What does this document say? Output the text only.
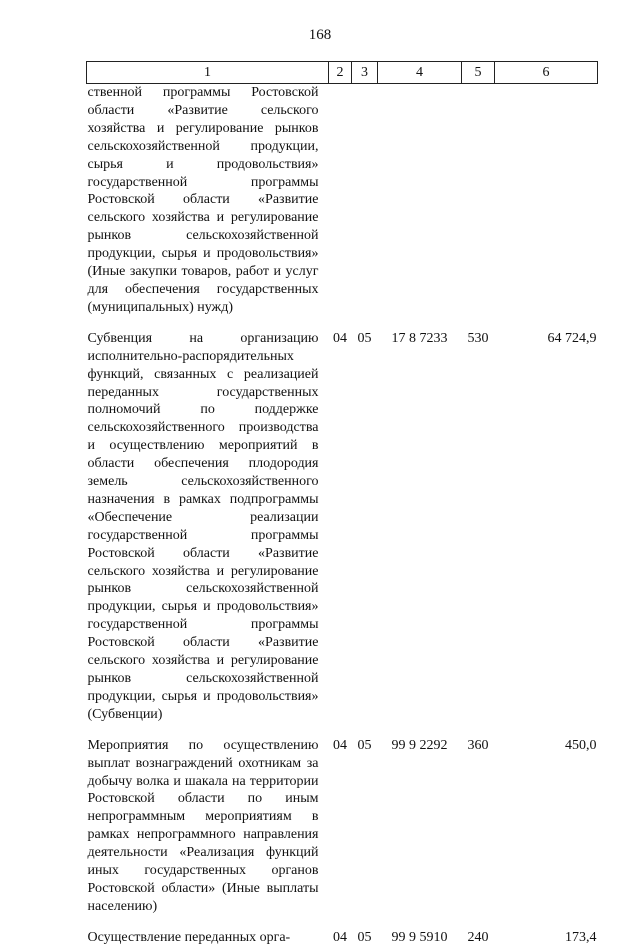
168
1	2	3	4	5	6
ственной программы Ростовской области «Развитие сельского хозяйства и регулирование рынков сельскохозяйственной продукции, сырья и продовольствия» государственной программы Ростовской области «Развитие сельского хозяйства и регулирование рынков сельскохозяйственной продукции, сырья и продовольствия» (Иные закупки товаров, работ и услуг для обеспечения государственных (муниципальных) нужд)					
Субвенция на организацию исполнительно-распорядительных функций, связанных с реализацией переданных государственных полномочий по поддержке сельскохозяйственного производства и осуществлению мероприятий в области обеспечения плодородия земель сельскохозяйственного назначения в рамках подпрограммы «Обеспечение реализации государственной программы Ростовской области «Развитие сельского хозяйства и регулирование рынков сельскохозяйственной продукции, сырья и продовольствия» государственной программы Ростовской области «Развитие сельского хозяйства и регулирование рынков сельскохозяйственной продукции, сырья и продовольствия» (Субвенции)	04	05	17 8 7233	530	64 724,9
Мероприятия по осуществлению выплат вознаграждений охотникам за добычу волка и шакала на территории Ростовской области по иным непрограммным мероприятиям в рамках непрограммного направления деятельности «Реализация функций иных государственных органов Ростовской области» (Иные выплаты населению)	04	05	99 9 2292	360	450,0
Осуществление переданных орга-	04	05	99 9 5910	240	173,4
